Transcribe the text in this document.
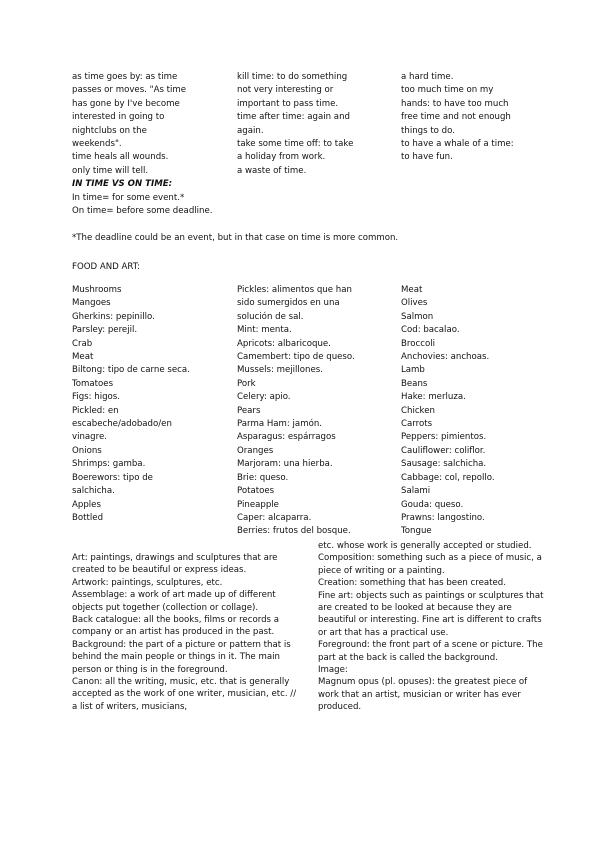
as time goes by: as time
passes or moves. "As time
has gone by I've become
interested in going to
nightclubs on the
weekends".
time heals all wounds.
only time will tell.
IN TIME VS ON TIME:
In time= for some event.*
On time= before some deadline.
kill time: to do something
not very interesting or
important to pass time.
time after time: again and
again.
take some time off: to take
a holiday from work.
a waste of time.
a hard time.
too much time on my
hands: to have too much
free time and not enough
things to do.
to have a whale of a time:
to have fun.
*The deadline could be an event, but in that case on time is more common.
FOOD AND ART:
Mushrooms
Mangoes
Gherkins: pepinillo.
Parsley: perejil.
Crab
Meat
Biltong: tipo de carne seca.
Tomatoes
Figs: higos.
Pickled: en
escabeche/adobado/en
vinagre.
Onions
Shrimps: gamba.
Boerewors: tipo de
salchicha.
Apples
Bottled
Pickles: alimentos que han
sido sumergidos en una
solución de sal.
Mint: menta.
Apricots: albaricoque.
Camembert: tipo de queso.
Mussels: mejillones.
Pork
Celery: apio.
Pears
Parma Ham: jamón.
Asparagus: espárragos
Oranges
Marjoram: una hierba.
Brie: queso.
Potatoes
Pineapple
Caper: alcaparra.
Berries: frutos del bosque.
Meat
Olives
Salmon
Cod: bacalao.
Broccoli
Anchovies: anchoas.
Lamb
Beans
Hake: merluza.
Chicken
Carrots
Peppers: pimientos.
Cauliflower: coliflor.
Sausage: salchicha.
Cabbage: col, repollo.
Salami
Gouda: queso.
Prawns: langostino.
Tongue

Art: paintings, drawings and sculptures that are created to be beautiful or express ideas.

Artwork: paintings, sculptures, etc.

Assemblage: a work of art made up of different objects put together (collection or collage).

Back catalogue: all the books, films or records a company or an artist has produced in the past.

Background: the part of a picture or pattern that is behind the main people or things in it. The main person or thing is in the foreground.

Canon: all the writing, music, etc. that is generally accepted as the work of one writer, musician, etc. // a list of writers, musicians,

etc. whose work is generally accepted or studied.

Composition: something such as a piece of music, a piece of writing or a painting.

Creation: something that has been created.

Fine art: objects such as paintings or sculptures that are created to be looked at because they are beautiful or interesting. Fine art is different to crafts or art that has a practical use.

Foreground: the front part of a scene or picture. The part at the back is called the background.

Image:

Magnum opus (pl. opuses): the greatest piece of work that an artist, musician or writer has ever produced.
